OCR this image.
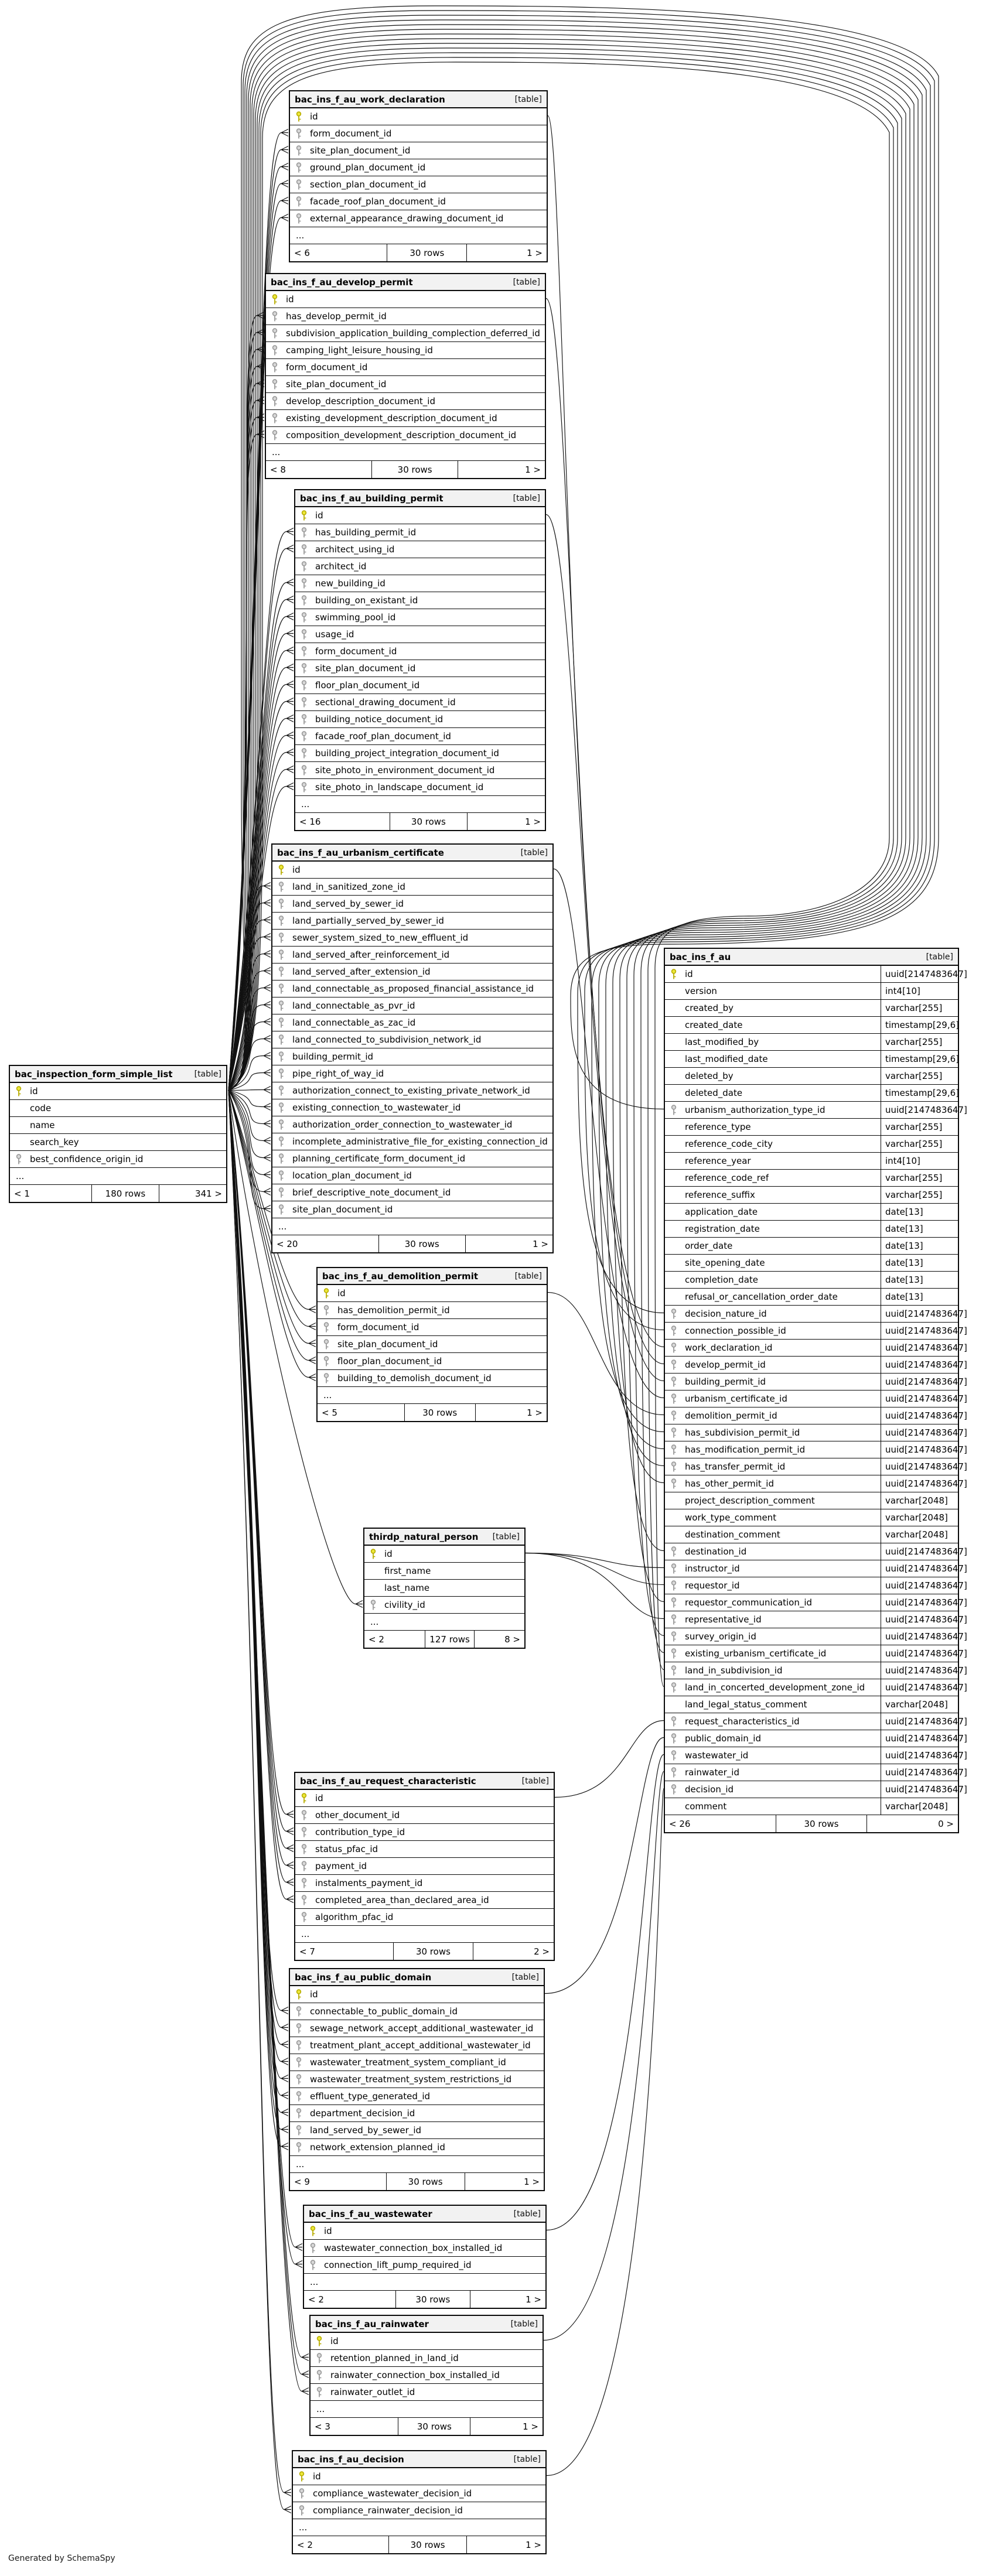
Generated by SchemaSpy
bac_ins_f_au_work_declaration	[table]
id
form_document_id
site_plan_document_id
ground_plan_document_id
section_plan_document_id
facade_roof_plan_document_id
external_appearance_drawing_document_id
...
< 6	30 rows	1 >
bac_ins_f_au_develop_permit	[table]
id
has_develop_permit_id
subdivision_application_building_complection_deferred_id
camping_light_leisure_housing_id
form_document_id
site_plan_document_id
develop_description_document_id
existing_development_description_document_id
composition_development_description_document_id
...
< 8	30 rows	1 >
bac_ins_f_au_building_permit	[table]
id
has_building_permit_id
architect_using_id
architect_id
new_building_id
building_on_existant_id
swimming_pool_id
usage_id
form_document_id
site_plan_document_id
floor_plan_document_id
sectional_drawing_document_id
building_notice_document_id
facade_roof_plan_document_id
building_project_integration_document_id
site_photo_in_environment_document_id
site_photo_in_landscape_document_id
...
< 16	30 rows	1 >
bac_ins_f_au_urbanism_certificate	[table]
id
land_in_sanitized_zone_id
land_served_by_sewer_id
land_partially_served_by_sewer_id
sewer_system_sized_to_new_effluent_id
land_served_after_reinforcement_id
land_served_after_extension_id
land_connectable_as_proposed_financial_assistance_id
land_connectable_as_pvr_id
land_connectable_as_zac_id
land_connected_to_subdivision_network_id
building_permit_id
pipe_right_of_way_id
authorization_connect_to_existing_private_network_id
existing_connection_to_wastewater_id
authorization_order_connection_to_wastewater_id
incomplete_administrative_file_for_existing_connection_id
planning_certificate_form_document_id
location_plan_document_id
brief_descriptive_note_document_id
site_plan_document_id
...
< 20	30 rows	1 >
bac_ins_f_au	[table]
id	uuid[2147483647]
version	int4[10]
created_by	varchar[255]
created_date	timestamp[29,6]
last_modified_by	varchar[255]
last_modified_date	timestamp[29,6]
deleted_by	varchar[255]
deleted_date	timestamp[29,6]
urbanism_authorization_type_id	uuid[2147483647]
reference_type	varchar[255]
reference_code_city	varchar[255]
reference_year	int4[10]
reference_code_ref	varchar[255]
reference_suffix	varchar[255]
application_date	date[13]
registration_date	date[13]
order_date	date[13]
site_opening_date	date[13]
completion_date	date[13]
refusal_or_cancellation_order_date	date[13]
decision_nature_id	uuid[2147483647]
connection_possible_id	uuid[2147483647]
work_declaration_id	uuid[2147483647]
develop_permit_id	uuid[2147483647]
building_permit_id	uuid[2147483647]
urbanism_certificate_id	uuid[2147483647]
demolition_permit_id	uuid[2147483647]
has_subdivision_permit_id	uuid[2147483647]
has_modification_permit_id	uuid[2147483647]
has_transfer_permit_id	uuid[2147483647]
has_other_permit_id	uuid[2147483647]
project_description_comment	varchar[2048]
work_type_comment	varchar[2048]
destination_comment	varchar[2048]
destination_id	uuid[2147483647]
instructor_id	uuid[2147483647]
requestor_id	uuid[2147483647]
requestor_communication_id	uuid[2147483647]
representative_id	uuid[2147483647]
survey_origin_id	uuid[2147483647]
existing_urbanism_certificate_id	uuid[2147483647]
land_in_subdivision_id	uuid[2147483647]
land_in_concerted_development_zone_id	uuid[2147483647]
land_legal_status_comment	varchar[2048]
request_characteristics_id	uuid[2147483647]
public_domain_id	uuid[2147483647]
wastewater_id	uuid[2147483647]
rainwater_id	uuid[2147483647]
decision_id	uuid[2147483647]
comment	varchar[2048]
< 26	30 rows	0 >
bac_inspection_form_simple_list	[table]
id
code
name
search_key
best_confidence_origin_id
...
< 1	180 rows	341 >
bac_ins_f_au_demolition_permit	[table]
id
has_demolition_permit_id
form_document_id
site_plan_document_id
floor_plan_document_id
building_to_demolish_document_id
...
< 5	30 rows	1 >
thirdp_natural_person [table]
id
first_name
last_name
civility_id
...
< 2	127 rows	8 >
bac_ins_f_au_request_characteristic	[table]
id
other_document_id
contribution_type_id
status_pfac_id
payment_id
instalments_payment_id
completed_area_than_declared_area_id
algorithm_pfac_id
...
< 7	30 rows	2 >
bac_ins_f_au_public_domain	[table]
id
connectable_to_public_domain_id
sewage_network_accept_additional_wastewater_id
treatment_plant_accept_additional_wastewater_id
wastewater_treatment_system_compliant_id
wastewater_treatment_system_restrictions_id
effluent_type_generated_id
department_decision_id
land_served_by_sewer_id
network_extension_planned_id
...
< 9	30 rows	1 >
bac_ins_f_au_wastewater	[table]
id
wastewater_connection_box_installed_id
connection_lift_pump_required_id
...
< 2	30 rows	1 >
bac_ins_f_au_rainwater	[table]
id
retention_planned_in_land_id
rainwater_connection_box_installed_id
rainwater_outlet_id
...
< 3	30 rows	1 >
bac_ins_f_au_decision	[table]
id
compliance_wastewater_decision_id
compliance_rainwater_decision_id
...
< 2	30 rows	1 >
